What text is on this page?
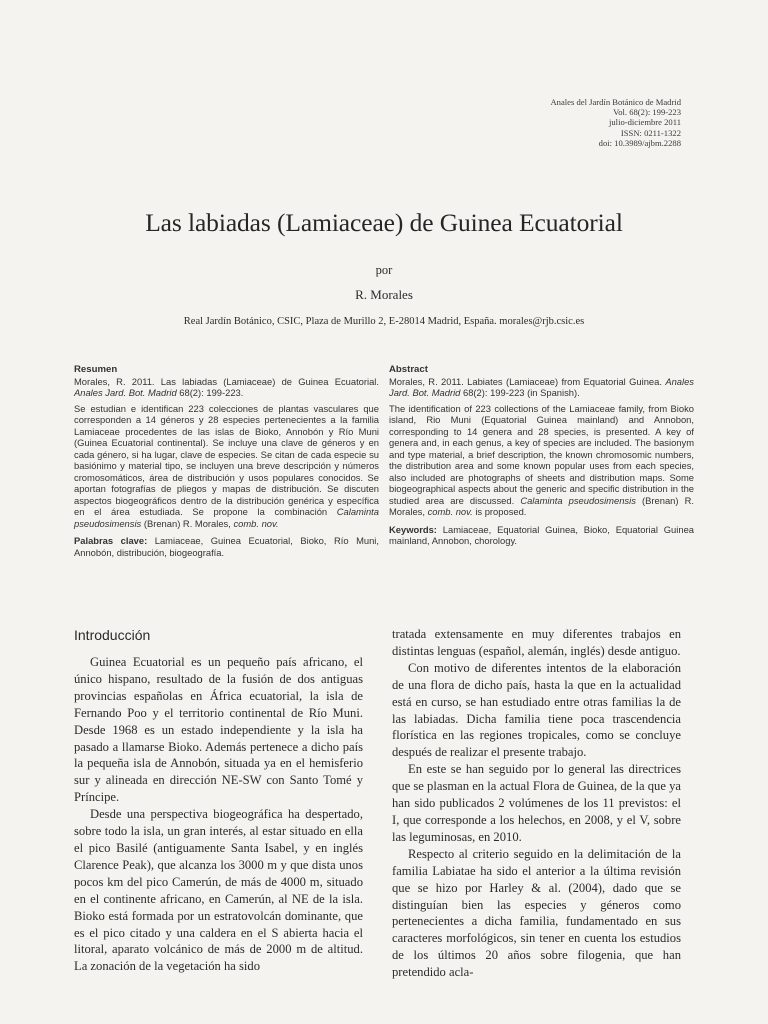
Anales del Jardín Botánico de Madrid
Vol. 68(2): 199-223
julio-diciembre 2011
ISSN: 0211-1322
doi: 10.3989/ajbm.2288
Las labiadas (Lamiaceae) de Guinea Ecuatorial
por
R. Morales
Real Jardín Botánico, CSIC, Plaza de Murillo 2, E-28014 Madrid, España. morales@rjb.csic.es
Resumen

Morales, R. 2011. Las labiadas (Lamiaceae) de Guinea Ecuatorial. Anales Jard. Bot. Madrid 68(2): 199-223.

Se estudian e identifican 223 colecciones de plantas vasculares que corresponden a 14 géneros y 28 especies pertenecientes a la familia Lamiaceae procedentes de las islas de Bioko, Annobón y Río Muni (Guinea Ecuatorial continental). Se incluye una clave de géneros y en cada género, si ha lugar, clave de especies. Se citan de cada especie su basiónimo y material tipo, se incluyen una breve descripción y números cromosomáticos, área de distribución y usos populares conocidos. Se aportan fotografías de pliegos y mapas de distribución. Se discuten aspectos biogeográficos dentro de la distribución genérica y específica en el área estudiada. Se propone la combinación Calaminta pseudosimensis (Brenan) R. Morales, comb. nov.

Palabras clave: Lamiaceae, Guinea Ecuatorial, Bioko, Río Muni, Annobón, distribución, biogeografía.

Abstract

Morales, R. 2011. Labiates (Lamiaceae) from Equatorial Guinea. Anales Jard. Bot. Madrid 68(2): 199-223 (in Spanish).

The identification of 223 collections of the Lamiaceae family, from Bioko island, Rio Muni (Equatorial Guinea mainland) and Annobon, corresponding to 14 genera and 28 species, is presented. A key of genera and, in each genus, a key of species are included. The basionym and type material, a brief description, the known chromosomic numbers, the distribution area and some known popular uses from each species, also included are photographs of sheets and distribution maps. Some biogeographical aspects about the generic and specific distribution in the studied area are discussed. Calaminta pseudosimensis (Brenan) R. Morales, comb. nov. is proposed.

Keywords: Lamiaceae, Equatorial Guinea, Bioko, Equatorial Guinea mainland, Annobon, chorology.

Introducción

Guinea Ecuatorial es un pequeño país africano, el único hispano, resultado de la fusión de dos antiguas provincias españolas en África ecuatorial, la isla de Fernando Poo y el territorio continental de Río Muni. Desde 1968 es un estado independiente y la isla ha pasado a llamarse Bioko. Además pertenece a dicho país la pequeña isla de Annobón, situada ya en el hemisferio sur y alineada en dirección NE-SW con Santo Tomé y Príncipe.

Desde una perspectiva biogeográfica ha despertado, sobre todo la isla, un gran interés, al estar situado en ella el pico Basilé (antiguamente Santa Isabel, y en inglés Clarence Peak), que alcanza los 3000 m y que dista unos pocos km del pico Camerún, de más de 4000 m, situado en el continente africano, en Camerún, al NE de la isla. Bioko está formada por un estratovolcán dominante, que es el pico citado y una caldera en el S abierta hacia el litoral, aparato volcánico de más de 2000 m de altitud. La zonación de la vegetación ha sido

tratada extensamente en muy diferentes trabajos en distintas lenguas (español, alemán, inglés) desde antiguo.

Con motivo de diferentes intentos de la elaboración de una flora de dicho país, hasta la que en la actualidad está en curso, se han estudiado entre otras familias la de las labiadas. Dicha familia tiene poca trascendencia florística en las regiones tropicales, como se concluye después de realizar el presente trabajo.

En este se han seguido por lo general las directrices que se plasman en la actual Flora de Guinea, de la que ya han sido publicados 2 volúmenes de los 11 previstos: el I, que corresponde a los helechos, en 2008, y el V, sobre las leguminosas, en 2010.

Respecto al criterio seguido en la delimitación de la familia Labiatae ha sido el anterior a la última revisión que se hizo por Harley & al. (2004), dado que se distinguían bien las especies y géneros como pertenecientes a dicha familia, fundamentado en sus caracteres morfológicos, sin tener en cuenta los estudios de los últimos 20 años sobre filogenia, que han pretendido acla-
